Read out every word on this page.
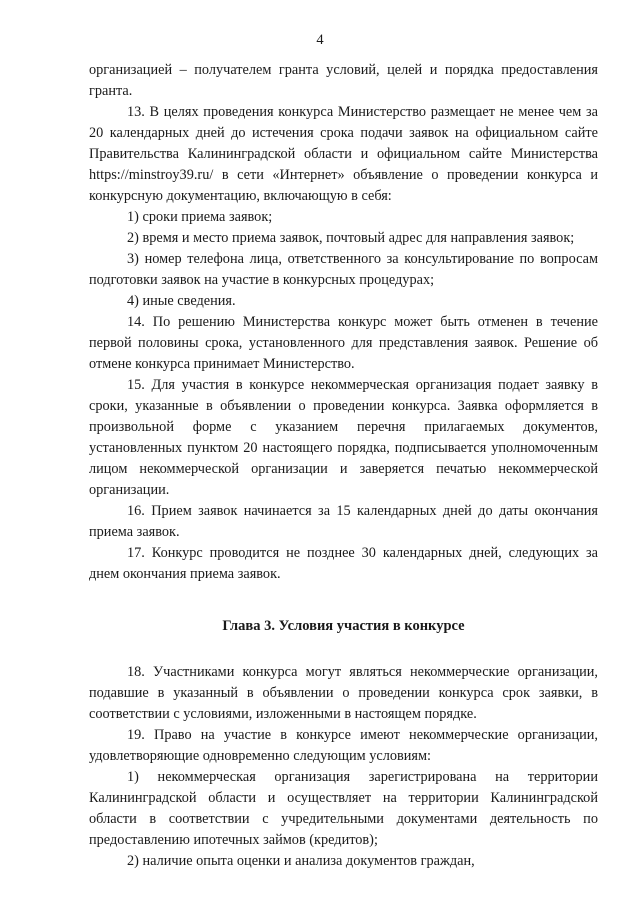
4

организацией – получателем гранта условий, целей и порядка предоставления гранта.

13. В целях проведения конкурса Министерство размещает не менее чем за 20 календарных дней до истечения срока подачи заявок на официальном сайте Правительства Калининградской области и официальном сайте Министерства https://minstroy39.ru/ в сети «Интернет» объявление о проведении конкурса и конкурсную документацию, включающую в себя:

1) сроки приема заявок;

2) время и место приема заявок, почтовый адрес для направления заявок;

3) номер телефона лица, ответственного за консультирование по вопросам подготовки заявок на участие в конкурсных процедурах;

4) иные сведения.

14. По решению Министерства конкурс может быть отменен в течение первой половины срока, установленного для представления заявок. Решение об отмене конкурса принимает Министерство.

15. Для участия в конкурсе некоммерческая организация подает заявку в сроки, указанные в объявлении о проведении конкурса. Заявка оформляется в произвольной форме с указанием перечня прилагаемых документов, установленных пунктом 20 настоящего порядка, подписывается уполномоченным лицом некоммерческой организации и заверяется печатью некоммерческой организации.

16. Прием заявок начинается за 15 календарных дней до даты окончания приема заявок.

17. Конкурс проводится не позднее 30 календарных дней, следующих за днем окончания приема заявок.

Глава 3. Условия участия в конкурсе

18. Участниками конкурса могут являться некоммерческие организации, подавшие в указанный в объявлении о проведении конкурса срок заявки, в соответствии с условиями, изложенными в настоящем порядке.

19. Право на участие в конкурсе имеют некоммерческие организации, удовлетворяющие одновременно следующим условиям:

1) некоммерческая организация зарегистрирована на территории Калининградской области и осуществляет на территории Калининградской области в соответствии с учредительными документами деятельность по предоставлению ипотечных займов (кредитов);

2) наличие опыта оценки и анализа документов граждан,
